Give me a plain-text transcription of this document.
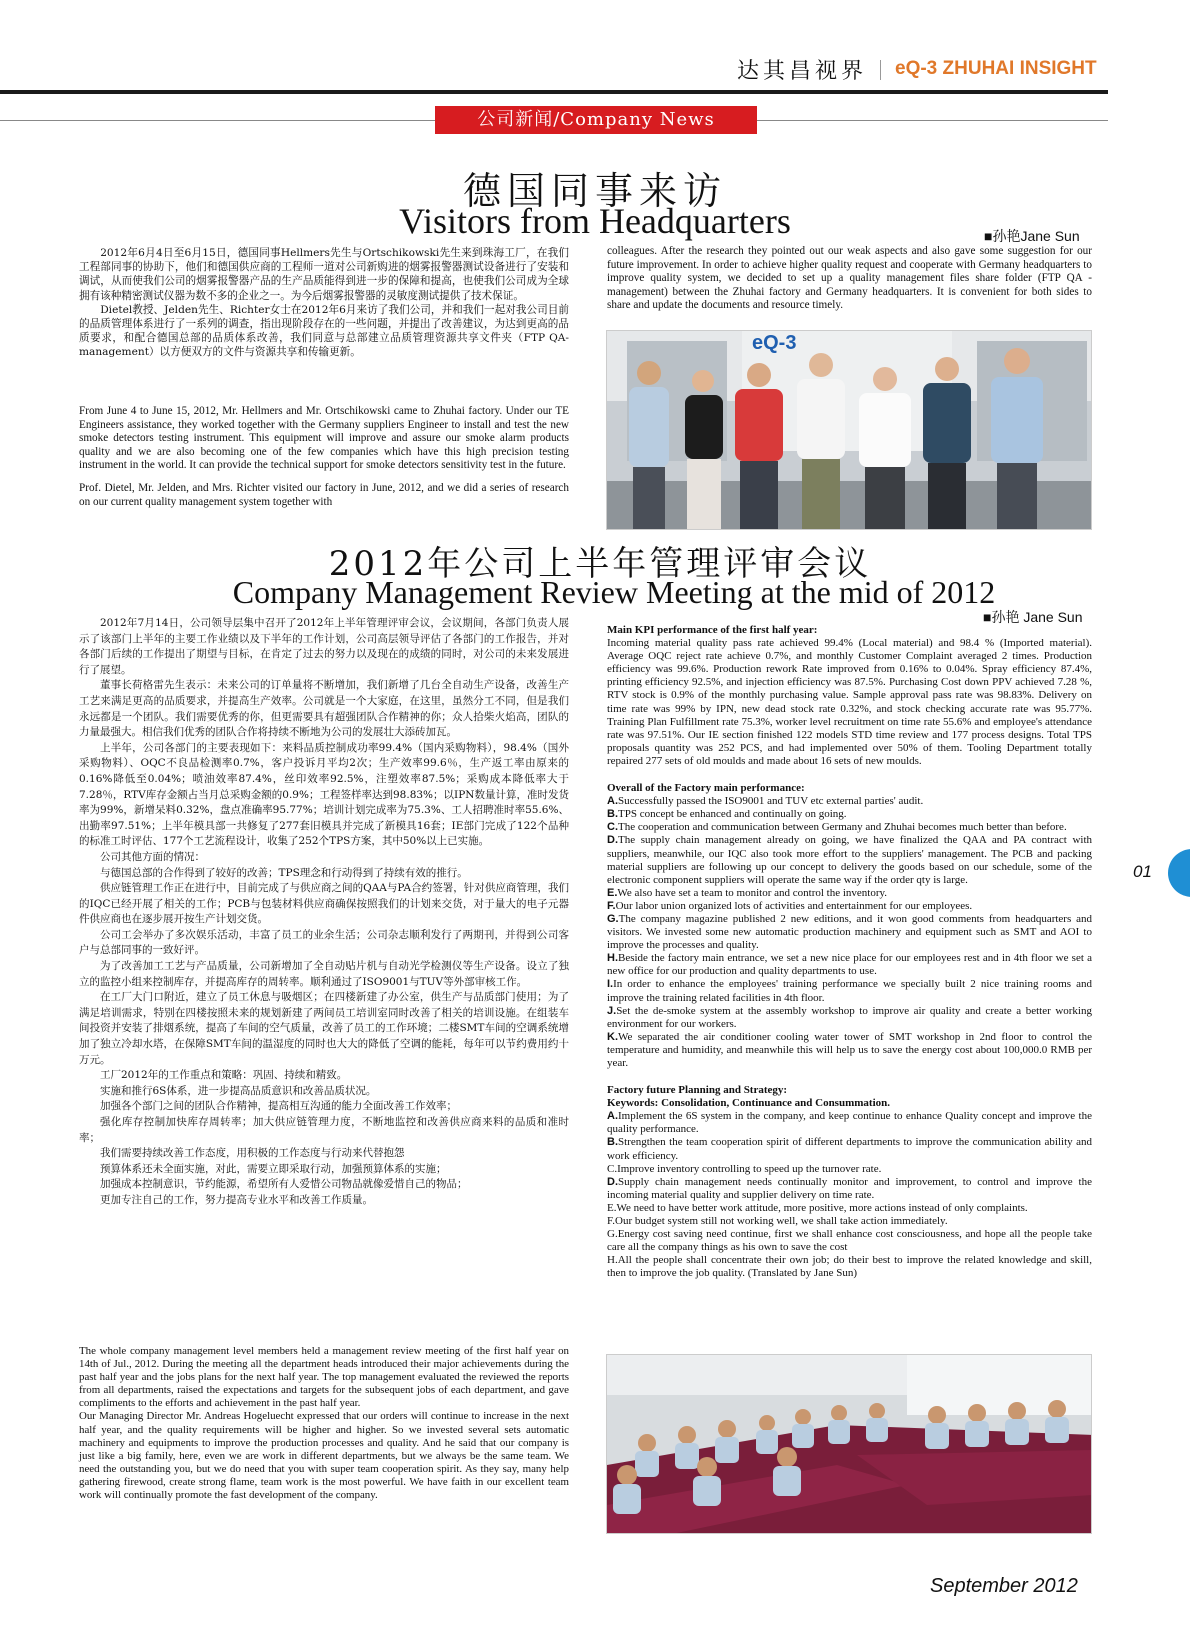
达其昌视界 eQ-3 ZHUHAI INSIGHT
公司新闻/Company News
德国同事来访
Visitors from Headquarters	■孙艳Jane Sun

2012年6月4日至6月15日，德国同事Hellmers先生与Ortschikowski先生来到珠海工厂，在我们工程部同事的协助下，他们和德国供应商的工程师一道对公司新购进的烟雾报警器测试设备进行了安装和调试，从而使我们公司的烟雾报警器产品的生产品质能得到进一步的保障和提高，也使我们公司成为全球拥有该种精密测试仪器为数不多的企业之一。为今后烟雾报警器的灵敏度测试提供了技术保证。

Dietel教授、Jelden先生、Richter女士在2012年6月来访了我们公司，并和我们一起对我公司目前的品质管理体系进行了一系列的调查，指出现阶段存在的一些问题，并提出了改善建议，为达到更高的品质要求，和配合德国总部的品质体系改善，我们同意与总部建立品质管理资源共享文件夹（FTP QA-management）以方便双方的文件与资源共享和传输更新。

From June 4 to June 15, 2012, Mr. Hellmers and Mr. Ortschikowski came to Zhuhai factory. Under our TE Engineers assistance, they worked together with the Germany suppliers Engineer to install and test the new smoke detectors testing instrument. This equipment will improve and assure our smoke alarm products quality and we are also becoming one of the few companies which have this high precision testing instrument in the world. It can provide the technical support for smoke detectors sensitivity test in the future.

Prof. Dietel, Mr. Jelden, and Mrs. Richter visited our factory in June, 2012, and we did a series of research on our current quality management system together with

colleagues. After the research they pointed out our weak aspects and also gave some suggestion for our future improvement. In order to achieve higher quality request and cooperate with Germany headquarters to improve quality system, we decided to set up a quality management files share folder (FTP QA - management) between the Zhuhai factory and Germany headquarters. It is convenient for both sides to share and update the documents and resource timely.

eQ-3
2012年公司上半年管理评审会议
Company Management Review Meeting at the mid of 2012
■孙艳 Jane Sun

2012年7月14日，公司领导层集中召开了2012年上半年管理评审会议，会议期间，各部门负责人展示了该部门上半年的主要工作业绩以及下半年的工作计划，公司高层领导评估了各部门的工作报告，并对各部门后续的工作提出了期望与目标，在肯定了过去的努力以及现在的成绩的同时，对公司的未来发展进行了展望。

董事长荷格雷先生表示：未来公司的订单量将不断增加，我们新增了几台全自动生产设备，改善生产工艺来满足更高的品质要求，并提高生产效率。公司就是一个大家庭，在这里，虽然分工不同，但是我们永远都是一个团队。我们需要优秀的你，但更需要具有超强团队合作精神的你；众人拾柴火焰高，团队的力量最强大。相信我们优秀的团队合作将持续不断地为公司的发展壮大添砖加瓦。

上半年，公司各部门的主要表现如下：来料品质控制成功率99.4%（国内采购物料），98.4%（国外采购物料）、OQC不良品检测率0.7%，客户投诉月平均2次；生产效率99.6％，生产返工率由原来的0.16%降低至0.04%；喷油效率87.4%，丝印效率92.5%，注塑效率87.5%；采购成本降低率大于7.28％，RTV库存金额占当月总采购金额的0.9%；工程签样率达到98.83%；以IPN数量计算，准时发货率为99%，新增呆料0.32%，盘点准确率95.77%；培训计划完成率为75.3%、工人招聘准时率55.6%、出勤率97.51%；上半年模具部一共修复了277套旧模具并完成了新模具16套；IE部门完成了122个品种的标准工时评估、177个工艺流程设计，收集了252个TPS方案，其中50%以上已实施。

公司其他方面的情况：

与德国总部的合作得到了较好的改善；TPS理念和行动得到了持续有效的推行。

供应链管理工作正在进行中，目前完成了与供应商之间的QAA与PA合约签署，针对供应商管理，我们的IQC已经开展了相关的工作；PCB与包装材料供应商确保按照我们的计划来交货，对于量大的电子元器件供应商也在逐步展开按生产计划交货。

公司工会举办了多次娱乐活动，丰富了员工的业余生活；公司杂志顺利发行了两期刊，并得到公司客户与总部同事的一致好评。

为了改善加工工艺与产品质量，公司新增加了全自动贴片机与自动光学检测仪等生产设备。设立了独立的监控小组来控制库存，并提高库存的周转率。顺利通过了ISO9001与TUV等外部审核工作。

在工厂大门口附近，建立了员工休息与吸烟区；在四楼新建了办公室，供生产与品质部门使用；为了满足培训需求，特别在四楼按照未来的规划新建了两间员工培训室同时改善了相关的培训设施。在组装车间投资并安装了排烟系统，提高了车间的空气质量，改善了员工的工作环境；二楼SMT车间的空调系统增加了独立冷却水塔，在保障SMT车间的温湿度的同时也大大的降低了空调的能耗，每年可以节约费用约十万元。

工厂2012年的工作重点和策略：巩固、持续和精致。

实施和推行6S体系，进一步提高品质意识和改善品质状况。

加强各个部门之间的团队合作精神，提高相互沟通的能力全面改善工作效率；

强化库存控制加快库存周转率；加大供应链管理力度，不断地监控和改善供应商来料的品质和准时率；

我们需要持续改善工作态度，用积极的工作态度与行动来代替抱怨

预算体系还未全面实施，对此，需要立即采取行动，加强预算体系的实施；

加强成本控制意识，节约能源，希望所有人爱惜公司物品就像爱惜自己的物品；

更加专注自己的工作，努力提高专业水平和改善工作质量。

The whole company management level members held a management review meeting of the first half year on 14th of Jul., 2012. During the meeting all the department heads introduced their major achievements during the past half year and the jobs plans for the next half year. The top management evaluated the reviewed the reports from all departments, raised the expectations and targets for the subsequent jobs of each department, and gave compliments to the efforts and achievement in the past half year.

Our Managing Director Mr. Andreas Hogeluecht expressed that our orders will continue to increase in the next half year, and the quality requirements will be higher and higher. So we invested several sets automatic machinery and equipments to improve the production processes and quality. And he said that our company is just like a big family, here, even we are work in different departments, but we always be the same team. We need the outstanding you, but we do need that you with super team cooperation spirit. As they say, many help gathering firewood, create strong flame, team work is the most powerful. We have faith in our excellent team work will continually promote the fast development of the company.

Main KPI performance of the first half year:

Incoming material quality pass rate achieved 99.4% (Local material) and 98.4 % (Imported material). Average OQC reject rate achieve 0.7%, and monthly Customer Complaint averaged 2 times. Production efficiency was 99.6%. Production rework Rate improved from 0.16% to 0.04%. Spray efficiency 87.4%, printing efficiency 92.5%, and injection efficiency was 87.5%. Purchasing Cost down PPV achieved 7.28 %, RTV stock is 0.9% of the monthly purchasing value. Sample approval pass rate was 98.83%. Delivery on time rate was 99% by IPN, new dead stock rate 0.32%, and stock checking accurate rate was 95.77%. Training Plan Fulfillment rate 75.3%, worker level recruitment on time rate 55.6% and employee's attendance rate was 97.51%. Our IE section finished 122 models STD time review and 177 process designs. Total TPS proposals quantity was 252 PCS, and had implemented over 50% of them. Tooling Department totally repaired 277 sets of old moulds and made about 16 sets of new moulds.

Overall of the Factory main performance:

A.Successfully passed the ISO9001 and TUV etc external parties' audit.

B.TPS concept be enhanced and continually on going.

C.The cooperation and communication between Germany and Zhuhai becomes much better than before.

D.The supply chain management already on going, we have finalized the QAA and PA contract with suppliers, meanwhile, our IQC also took more effort to the suppliers' management. The PCB and packing material suppliers are following up our concept to delivery the goods based on our schedule, some of the electronic component suppliers will operate the same way if the order qty is large.

E.We also have set a team to monitor and control the inventory.

F.Our labor union organized lots of activities and entertainment for our employees.

G.The company magazine published 2 new editions, and it won good comments from headquarters and visitors. We invested some new automatic production machinery and equipment such as SMT and AOI to improve the processes and quality.

H.Beside the factory main entrance, we set a new nice place for our employees rest and in 4th floor we set a new office for our production and quality departments to use.

I.In order to enhance the employees' training performance we specially built 2 nice training rooms and improve the training related facilities in 4th floor.

J.Set the de-smoke system at the assembly workshop to improve air quality and create a better working environment for our workers.

K.We separated the air conditioner cooling water tower of SMT workshop in 2nd floor to control the temperature and humidity, and meanwhile this will help us to save the energy cost about 100,000.0 RMB per year.

Factory future Planning and Strategy:

Keywords: Consolidation, Continuance and Consummation.

A.Implement the 6S system in the company, and keep continue to enhance Quality concept and improve the quality performance.

B.Strengthen the team cooperation spirit of different departments to improve the communication ability and work efficiency.

C.Improve inventory controlling to speed up the turnover rate.

D.Supply chain management needs continually monitor and improvement, to control and improve the incoming material quality and supplier delivery on time rate.

E.We need to have better work attitude, more positive, more actions instead of only complaints.

F.Our budget system still not working well, we shall take action immediately.

G.Energy cost saving need continue, first we shall enhance cost consciousness, and hope all the people take care all the company things as his own to save the cost

H.All the people shall concentrate their own job; do their best to improve the related knowledge and skill, then to improve the job quality. (Translated by Jane Sun)

01
September 2012
